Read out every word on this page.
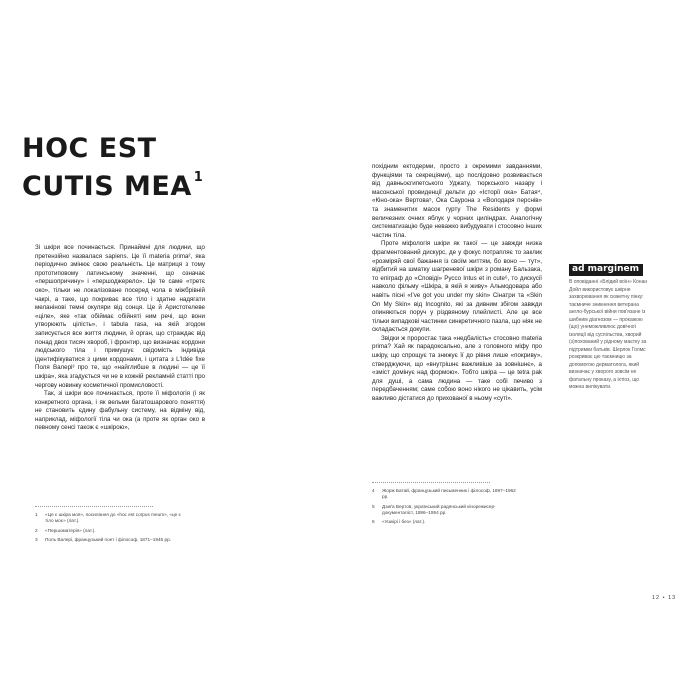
HOC EST
CUTIS MEA $^1$

Зі шкіри все починається. Принаймні для людини, що претензійно назвалася sapiens. Це її materia prima², яка періодично змінює свою реальність. Це матриця з тому прототиповому латинському значенні, що означає «першопричину» і «першоджерело». Це те саме «третє око», тільки не локалізоване посеред чола в міжбрівній чакрі, а таке, що покриває все тіло і здатне надягати меланінові темні окуляри від сонця. Це й Аристотелеве «ціле», яке «так обіймає обійняті ним речі, що вони утворюють цілість», і tabula rasa, на якій згодом записується все життя людини, й орган, що страждає від понад двох тисяч хвороб, і фронтир, що визначає кордони людського тіла і примушує свідомість індивіда ідентифікуватися з цими кордонами, і цитата з L'Idée fixe Поля Валері³ про те, що «найглибше в людині — це її шкіра», яка згадується чи не в кожній рекламній статті про чергову новинку косметичної промисловості.

Так, зі шкіри все починається, проте її міфологія (і як конкретного органа, і як вельми багатошарового поняття) не становить єдину фабульну систему, на відміну від, наприклад, міфології тіла чи ока (а проте як орган око в певному сенсі також є «шкірою»,

1	«Це є шкіра моя», посилання до «hoc est corpus meum», «це є тіло моє» (лат.).
2	«Першоматерія» (лат.).
3	Поль Валері, французький поет і філософ, 1871–1945 рр.

похідним ектодерми, просто з окремими завданнями, функціями та секреціями), що послідовно розвивається від давньоєгипетського Уджату, тюркського назару і масонської провиденції дельти до «Історії ока» Батая⁴, «Кіно-ока» Вертова⁵, Ока Саурона з «Володаря перснів» та знаменитих масок гурту The Residents у формі величезних очних яблук у чорних циліндрах. Аналогічну систематизацію буде неважко вибудувати і стосовно інших частин тіла.

Проте міфологія шкіри як такої — це завжди низка фрагментований дискурс, де у фокус потрапляє то заклик «розміряй свої бажання із своїм життям, бо воно — тут», відбитий на шматку шагреневої шкіри з роману Бальзака, то епіграф до «Сповіді» Руссо Intus et in cute⁶, то дискусії навколо фільму «Шкіра, в якій я живу» Альмодовара або навіть пісні «I've got you under my skin» Сінатри та «Skin On My Skin» від Incognito, які за дивним збігом завжди опиняються поруч у різдвяному плейлисті. Але це все тільки випадкові частинки синкретичного пазла, що ніяк не складається докупи.

Звідки ж проростає така «недбалість» стосовно materia prima? Хай як парадоксально, але з головного міфу про шкіру, що спрощує та знижує її до рівня лише «покриву», стверджуючи, що «внутрішнє важливіше за зовнішнє», а «зміст домінує над формою». Тобто шкіра — це tetra pak для душі, а сама людина — таке собі печиво з передбаченням; саме собою воно нікого не цікавить, усім важливо дістатися до прихованої в ньому «суті».

4	Жорж Батай, французький письменник і філософ, 1897–1962 рр.
5	Дзиґа Вертов, український радянський кінорежисер-документаліст, 1896–1954 рр.
6	«Ушкірі і без» (лат.).
ad marginem
В оповіданні «Блідий воїн» Конан Дойл використовує шкірне захворювання як сюжетну пінку: таємниче зникнення ветерана англо-бурської війни пов'язане із шибним діагнозом — прокажою (що) унеможливлює довічної ізоляції від суспільства, хворий (з)похований у рідному маєтку за підтримки батьків. Шерлок Голмс розкриває цю таємницю за допомогою дерматолога, який визначає у хворого зовсім не фатальну проказу, а іхтіоз, що можна вилікувати.
12 • 13
